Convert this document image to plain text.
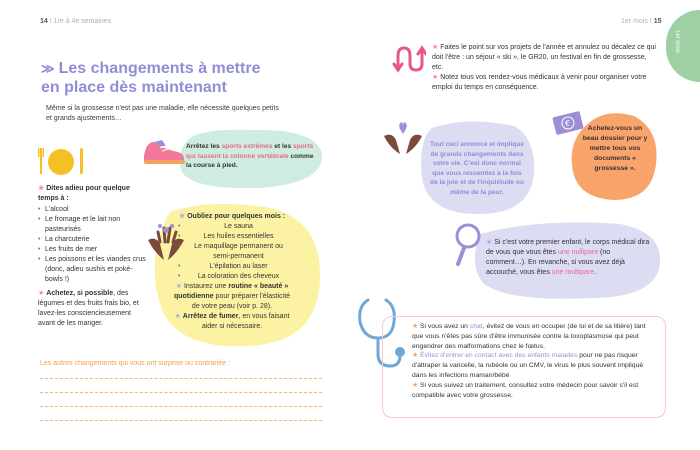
14 I 1re à 4e semaines	1er mois I 15
1er mois
≫ Les changements à mettre
en place dès maintenant
Même si la grossesse n'est pas une maladie, elle nécessite quelques petits et grands ajustements…
Arrêtez les sports extrêmes et les sports qui tassent la colonne vertébrale comme la course à pied.
★ Dites adieu pour quelque temps à :
• L'alcool
• Le fromage et le lait non pasteurisés
• La charcuterie
• Les fruits de mer
• Les poissons et les viandes crus (donc, adieu sushis et poké-bowls !)
★ Achetez, si possible, des légumes et des fruits frais bio, et lavez-les consciencieusement avant de les manger.
★ Oubliez pour quelques mois :
• Le sauna
• Les huiles essentielles
• Le maquillage permanent ou semi-permanent
• L'épilation au laser
• La coloration des cheveux
★ Instaurez une routine « beauté » quotidienne pour préparer l'élasticité de votre peau (voir p. 28).
★ Arrêtez de fumer, en vous faisant aider si nécessaire.
Les autres changements qui vous ont surprise ou contrariée :
★ Faites le point sur vos projets de l'année et annulez ou décalez ce qui doit l'être : un séjour « ski », le GR20, un festival en fin de grossesse, etc.
★ Notez tous vos rendez-vous médicaux à venir pour organiser votre emploi du temps en conséquence.
Tout ceci annonce et implique de grands changements dans votre vie. C'est donc normal que vous ressentiez à la fois de la joie et de l'inquiétude ou même de la peur.
€
Achetez-vous un beau dossier pour y mettre tous vos documents « grossesse ».
★ Si c'est votre premier enfant, le corps médical dira de vous que vous êtes une nullipare (no comment…). En revanche, si vous avez déjà accouché, vous êtes une multipare.
★ Si vous avez un chat, évitez de vous en occuper (de lui et de sa litière) tant que vous n'êtes pas sûre d'être immunisée contre la toxoplasmose qui peut engendrer des malformations chez le fœtus.
★ Évitez d'entrer en contact avec des enfants malades pour ne pas risquer d'attraper la varicelle, la rubéole ou un CMV, le virus le plus souvent impliqué dans les infections maman/bébé
★ Si vous suivez un traitement, consultez votre médecin pour savoir s'il est compatible avec votre grossesse.
